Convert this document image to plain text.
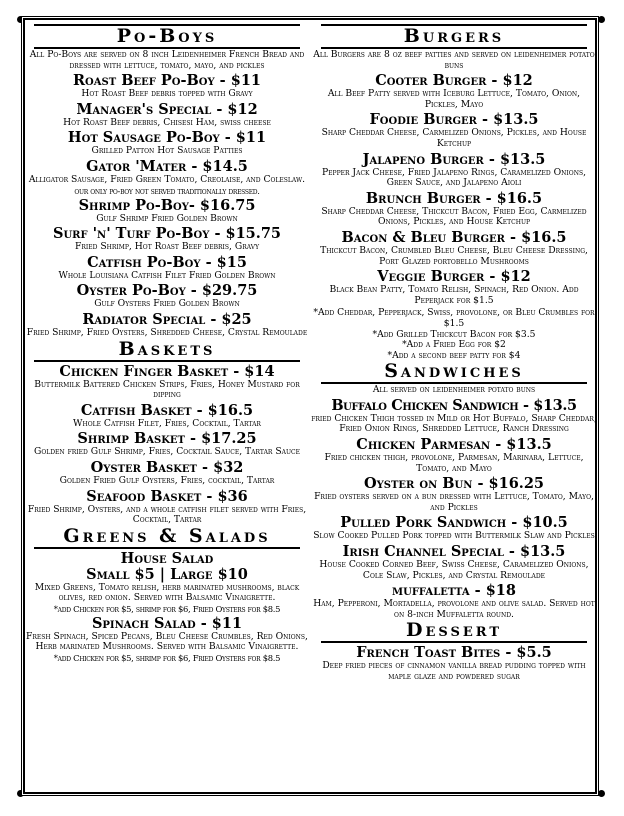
Po-Boys
All Po-Boys are served on 8 inch Leidenheimer French Bread and dressed with lettuce, tomato, mayo, and pickles
Roast Beef Po-Boy - $11
Hot Roast Beef debris topped with Gravy
Manager's Special - $12
Hot Roast Beef debris, Chisesi Ham, swiss cheese
Hot Sausage Po-Boy - $11
Grilled Patton Hot Sausage Patties
Gator 'Mater - $14.5
Alligator Sausage, Fried Green Tomato, Creolaise, and Coleslaw.
our only po-boy not served traditionally dressed.
Shrimp Po-Boy- $16.75
Gulf Shrimp Fried Golden Brown
Surf 'n' Turf Po-Boy - $15.75
Fried Shrimp, Hot Roast Beef debris, Gravy
Catfish Po-Boy - $15
Whole Louisiana Catfish Filet Fried Golden Brown
Oyster Po-Boy - $29.75
Gulf Oysters Fried Golden Brown
Radiator Special - $25
Fried Shrimp, Fried Oysters, Shredded Cheese, Crystal Remoulade
Baskets
Chicken Finger Basket - $14
Buttermilk Battered Chicken Strips, Fries, Honey Mustard for dipping
Catfish Basket - $16.5
Whole Catfish Filet, Fries, Cocktail, Tartar
Shrimp Basket - $17.25
Golden fried Gulf Shrimp, Fries, Cocktail Sauce, Tartar Sauce
Oyster Basket - $32
Golden Fried Gulf Oysters, Fries, cocktail, Tartar
Seafood Basket - $36
Fried Shrimp, Oysters, and a whole catfish filet served with Fries, Cocktail, Tartar
Greens & Salads
House Salad
Small $5 | Large $10
Mixed Greens, Tomato relish, herb marinated mushrooms, black olives, red onion. Served with Balsamic Vinaigrette.
*add Chicken for $5, shrimp for $6, Fried Oysters for $8.5
Spinach Salad - $11
Fresh Spinach, Spiced Pecans, Bleu Cheese Crumbles, Red Onions, Herb marinated Mushrooms. Served with Balsamic Vinaigrette.
*add Chicken for $5, shrimp for $6, Fried Oysters for $8.5
Burgers
All Burgers are 8 oz beef patties and served on leidenheimer potato buns
Cooter Burger - $12
All Beef Patty served with Iceburg Lettuce, Tomato, Onion, Pickles, Mayo
Foodie Burger - $13.5
Sharp Cheddar Cheese, Carmelized Onions, Pickles, and House Ketchup
Jalapeno Burger - $13.5
Pepper Jack Cheese, Fried Jalapeno Rings, Caramelized Onions, Green Sauce, and Jalapeno Aioli
Brunch Burger - $16.5
Sharp Cheddar Cheese, Thickcut Bacon, Fried Egg, Carmelized Onions, Pickles, and House Ketchup
Bacon & Bleu Burger - $16.5
Thickcut Bacon, Crumbled Bleu Cheese, Bleu Cheese Dressing, Port Glazed portobello Mushrooms
Veggie Burger - $12
Black Bean Patty, Tomato Relish, Spinach, Red Onion. Add Peperjack for $1.5
*Add Cheddar, Pepperjack, Swiss, provolone, or Bleu Crumbles for $1.5
*Add Grilled Thickcut Bacon for $3.5
*Add a Fried Egg for $2
*Add a second beef patty for $4
Sandwiches
All served on leidenheimer potato buns
Buffalo Chicken Sandwich - $13.5
fried Chicken Thigh tossed in Mild or Hot Buffalo, Sharp Cheddar, Fried Onion Rings, Shredded Lettuce, Ranch Dressing
Chicken Parmesan - $13.5
Fried chicken thigh, provolone, Parmesan, Marinara, Lettuce, Tomato, and Mayo
Oyster on Bun - $16.25
Fried oysters served on a bun dressed with Lettuce, Tomato, Mayo, and Pickles
Pulled Pork Sandwich - $10.5
Slow Cooked Pulled Pork topped with Buttermilk Slaw and Pickles
Irish Channel Special - $13.5
House Cooked Corned Beef, Swiss Cheese, Caramelized Onions, Cole Slaw, Pickles, and Crystal Remoulade
muffaletta - $18
Ham, Pepperoni, Mortadella, provolone and olive salad. Served hot on 8-inch Muffaletta round.
Dessert
French Toast Bites - $5.5
Deep fried pieces of cinnamon vanilla bread pudding topped with maple glaze and powdered sugar
